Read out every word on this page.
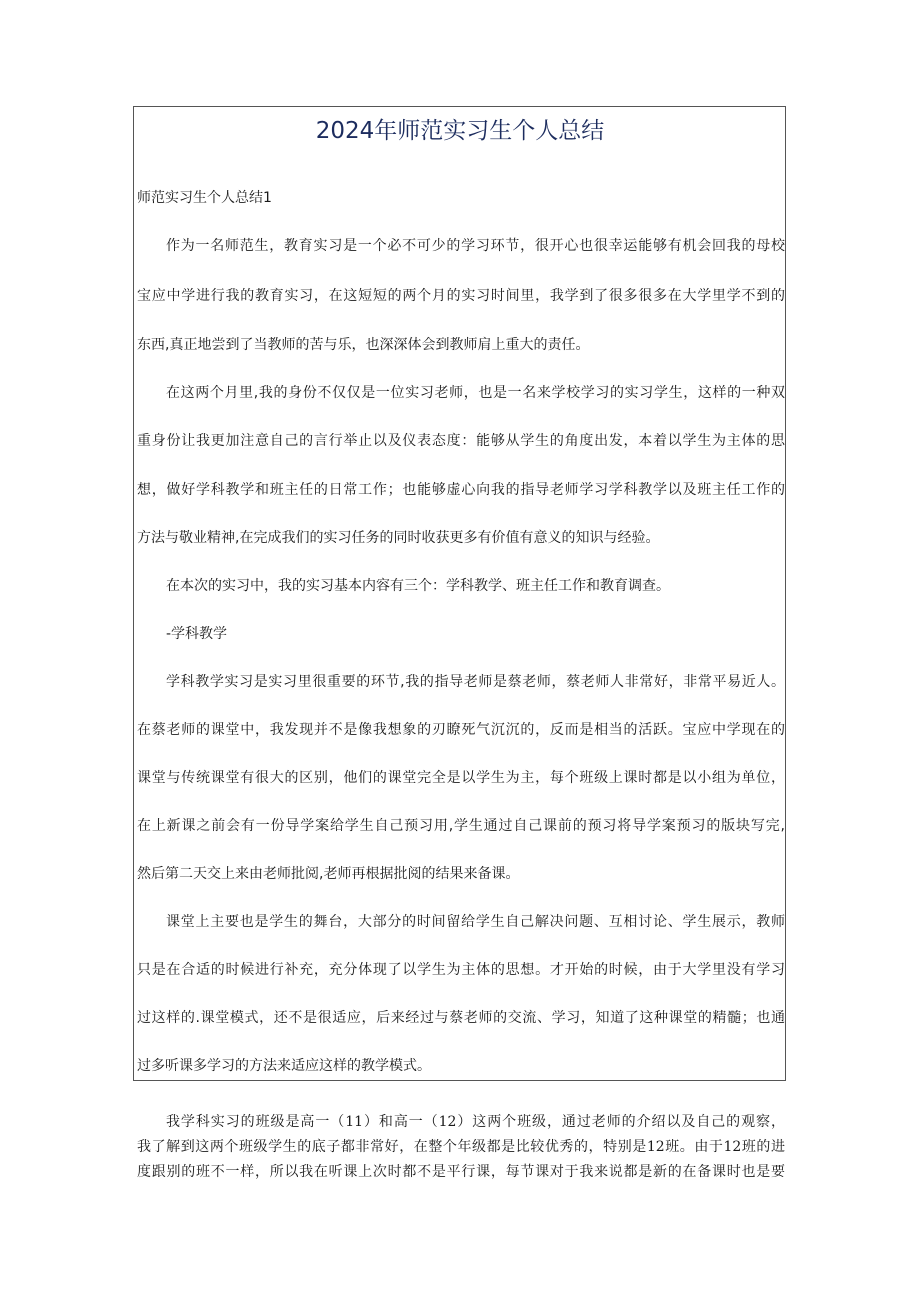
2024年师范实习生个人总结

师范实习生个人总结1

作为一名师范生，教育实习是一个必不可少的学习环节，很开心也很幸运能够有机会回我的母校

宝应中学进行我的教育实习，在这短短的两个月的实习时间里，我学到了很多很多在大学里学不到的

东西,真正地尝到了当教师的苦与乐，也深深体会到教师肩上重大的责任。

在这两个月里,我的身份不仅仅是一位实习老师，也是一名来学校学习的实习学生，这样的一种双

重身份让我更加注意自己的言行举止以及仪表态度：能够从学生的角度出发，本着以学生为主体的思

想，做好学科教学和班主任的日常工作；也能够虚心向我的指导老师学习学科教学以及班主任工作的

方法与敬业精神,在完成我们的实习任务的同时收获更多有价值有意义的知识与经验。

在本次的实习中，我的实习基本内容有三个：学科教学、班主任工作和教育调查。

-学科教学

学科教学实习是实习里很重要的环节,我的指导老师是蔡老师，蔡老师人非常好，非常平易近人。

在蔡老师的课堂中，我发现并不是像我想象的刃瞭死气沉沉的，反而是相当的活跃。宝应中学现在的

课堂与传统课堂有很大的区别，他们的课堂完全是以学生为主，每个班级上课时都是以小组为单位，

在上新课之前会有一份导学案给学生自己预习用,学生通过自己课前的预习将导学案预习的版块写完,

然后第二天交上来由老师批阅,老师再根据批阅的结果来备课。

课堂上主要也是学生的舞台，大部分的时间留给学生自己解决问题、互相讨论、学生展示，教师

只是在合适的时候进行补充，充分体现了以学生为主体的思想。才开始的时候，由于大学里没有学习

过这样的.课堂模式，还不是很适应，后来经过与蔡老师的交流、学习，知道了这种课堂的精髓；也通

过多听课多学习的方法来适应这样的教学模式。

我学科实习的班级是高一（11）和高一（12）这两个班级，通过老师的介绍以及自己的观察，

我了解到这两个班级学生的底子都非常好，在整个年级都是比较优秀的，特别是12班。由于12班的进

度跟别的班不一样，所以我在听课上次时都不是平行课，每节课对于我来说都是新的在备课时也是要
